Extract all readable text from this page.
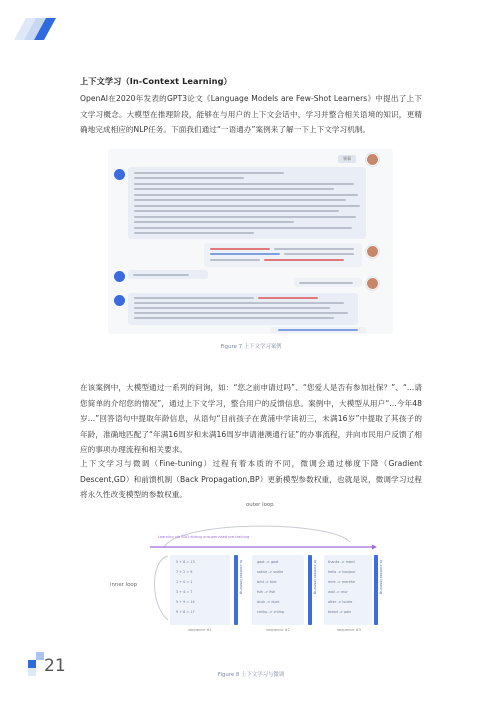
上下文学习（In-Context Learning）
OpenAI在2020年发表的GPT3论文《Language Models are Few-Shot Learners》中提出了上下文学习概念。大模型在推理阶段，能够在与用户的上下文会话中，学习并整合相关语境的知识，更精确地完成相应的NLP任务。下面我们通过“一语通办”案例来了解一下上下文学习机制。
领事
Figure 7 上下文学习案例
在该案例中，大模型通过一系列的问询，如：“您之前申请过吗”、“您爱人是否有参加社保？”、“...请您简单的介绍您的情况”，通过上下文学习，整合用户的反馈信息。案例中，大模型从用户“...今年48岁...”回答语句中提取年龄信息，从语句“目前孩子在黄浦中学读初三，未满16岁”中提取了其孩子的年龄，准确地匹配了“年满16周岁和未满16周岁申请港澳通行证”的办事流程，并向市民用户反馈了相应的事项办理流程和相关要求。
上下文学习与微调（Fine-tuning）过程有着本质的不同，微调会通过梯度下降（Gradient Descent,GD）和前馈机制（Back Propagation,BP）更新模型参数权重，也就是说，微调学习过程将永久性改变模型的参数权重。
outer loop
Learning via SGD during unsupervised pre-training
inner loop
5 + 8 = 13
7 + 2 = 9
1 + 0 = 1
3 + 4 = 7
5 + 9 = 14
9 + 8 = 17
In-context learning
sequence #1
gaot -> goat
sakne -> snake
brid -> bird
fsih -> fish
dcuk -> duck
cmihp -> chimp
In-context learning
sequence #2
thanks -> merci
hello -> bonjour
mint -> menthe
wall -> mur
otter -> loutre
bread -> pain
In-context learning
sequence #3
Figure 8 上下文学习与微调
21
